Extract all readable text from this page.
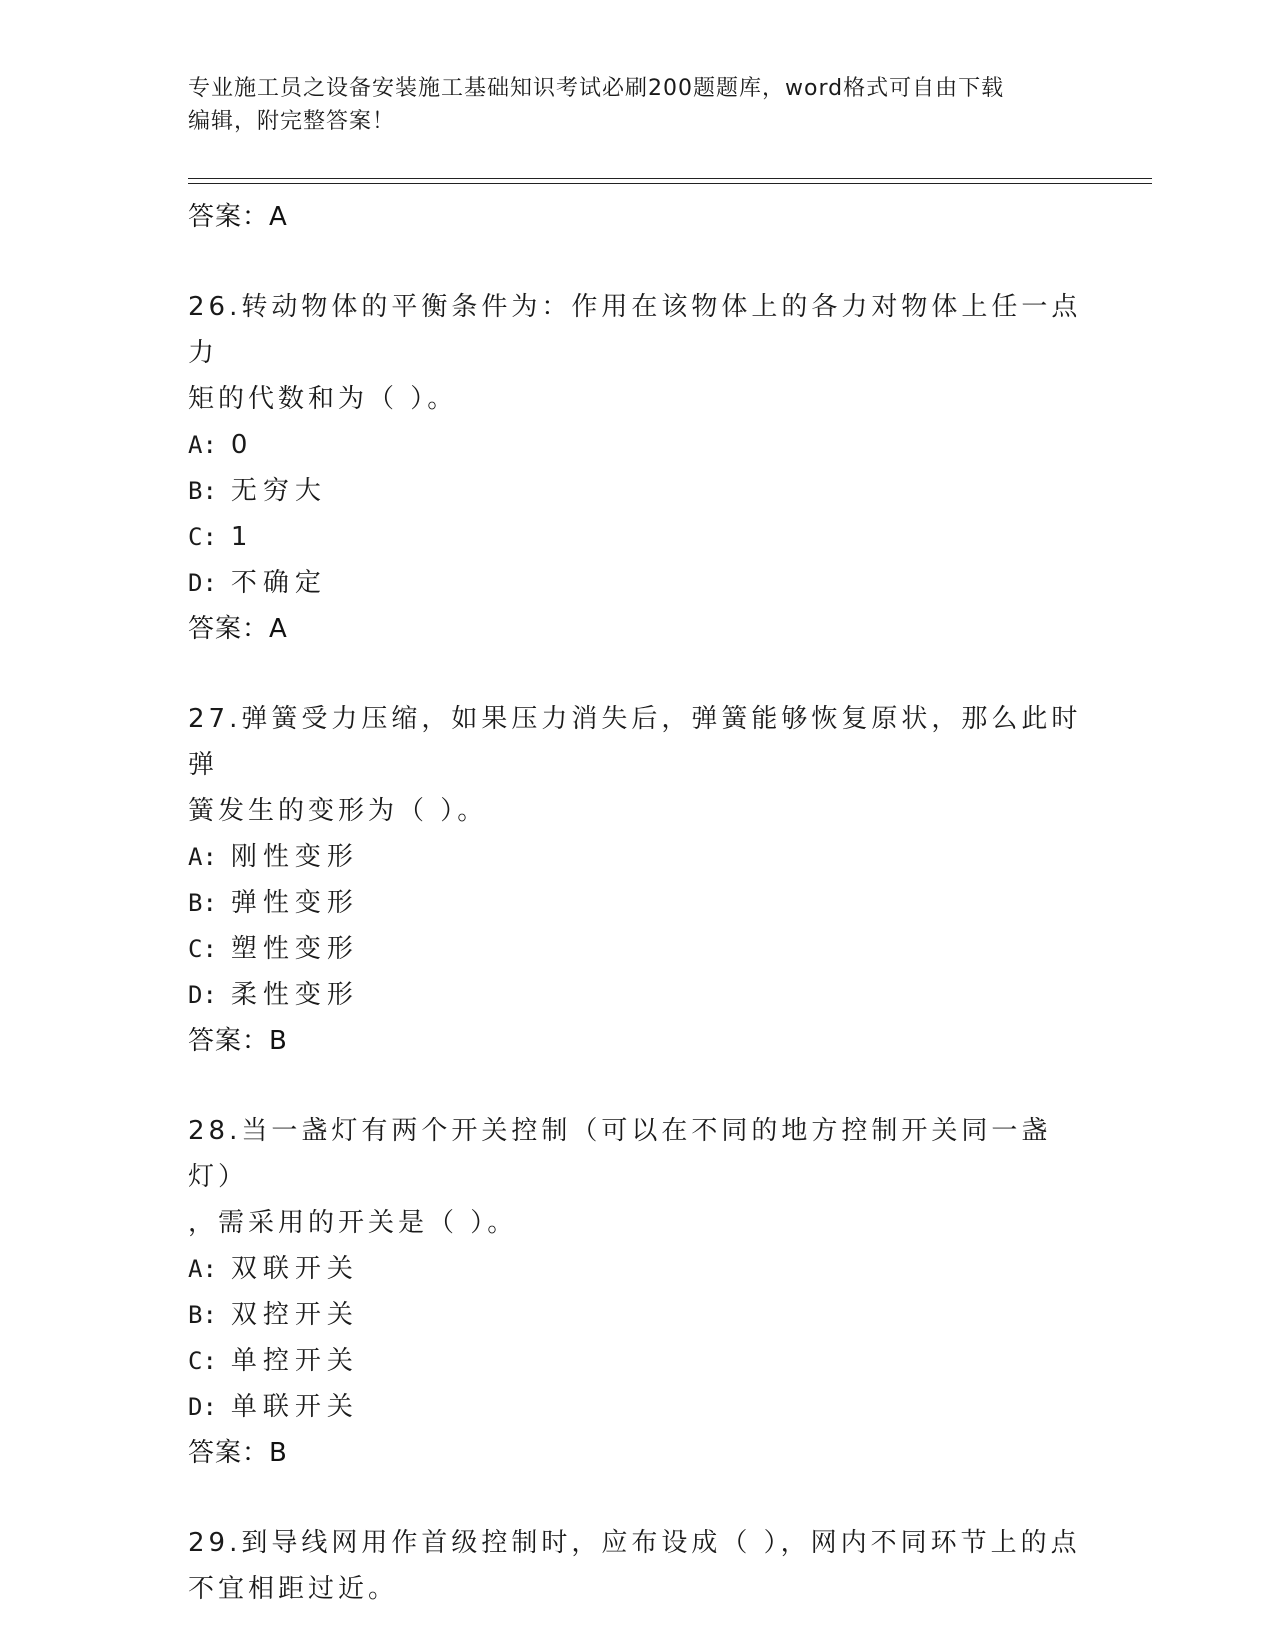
专业施工员之设备安装施工基础知识考试必刷200题题库，word格式可自由下载
编辑，附完整答案！
答案：A
26.转动物体的平衡条件为：作用在该物体上的各力对物体上任一点力
矩的代数和为（ ）。
A: 0
B: 无穷大
C: 1
D: 不确定
答案：A
27.弹簧受力压缩，如果压力消失后，弹簧能够恢复原状，那么此时弹
簧发生的变形为（ ）。
A: 刚性变形
B: 弹性变形
C: 塑性变形
D: 柔性变形
答案：B
28.当一盏灯有两个开关控制（可以在不同的地方控制开关同一盏灯）
，需采用的开关是（ ）。
A: 双联开关
B: 双控开关
C: 单控开关
D: 单联开关
答案：B
29.到导线网用作首级控制时，应布设成（ ），网内不同环节上的点
不宜相距过近。
